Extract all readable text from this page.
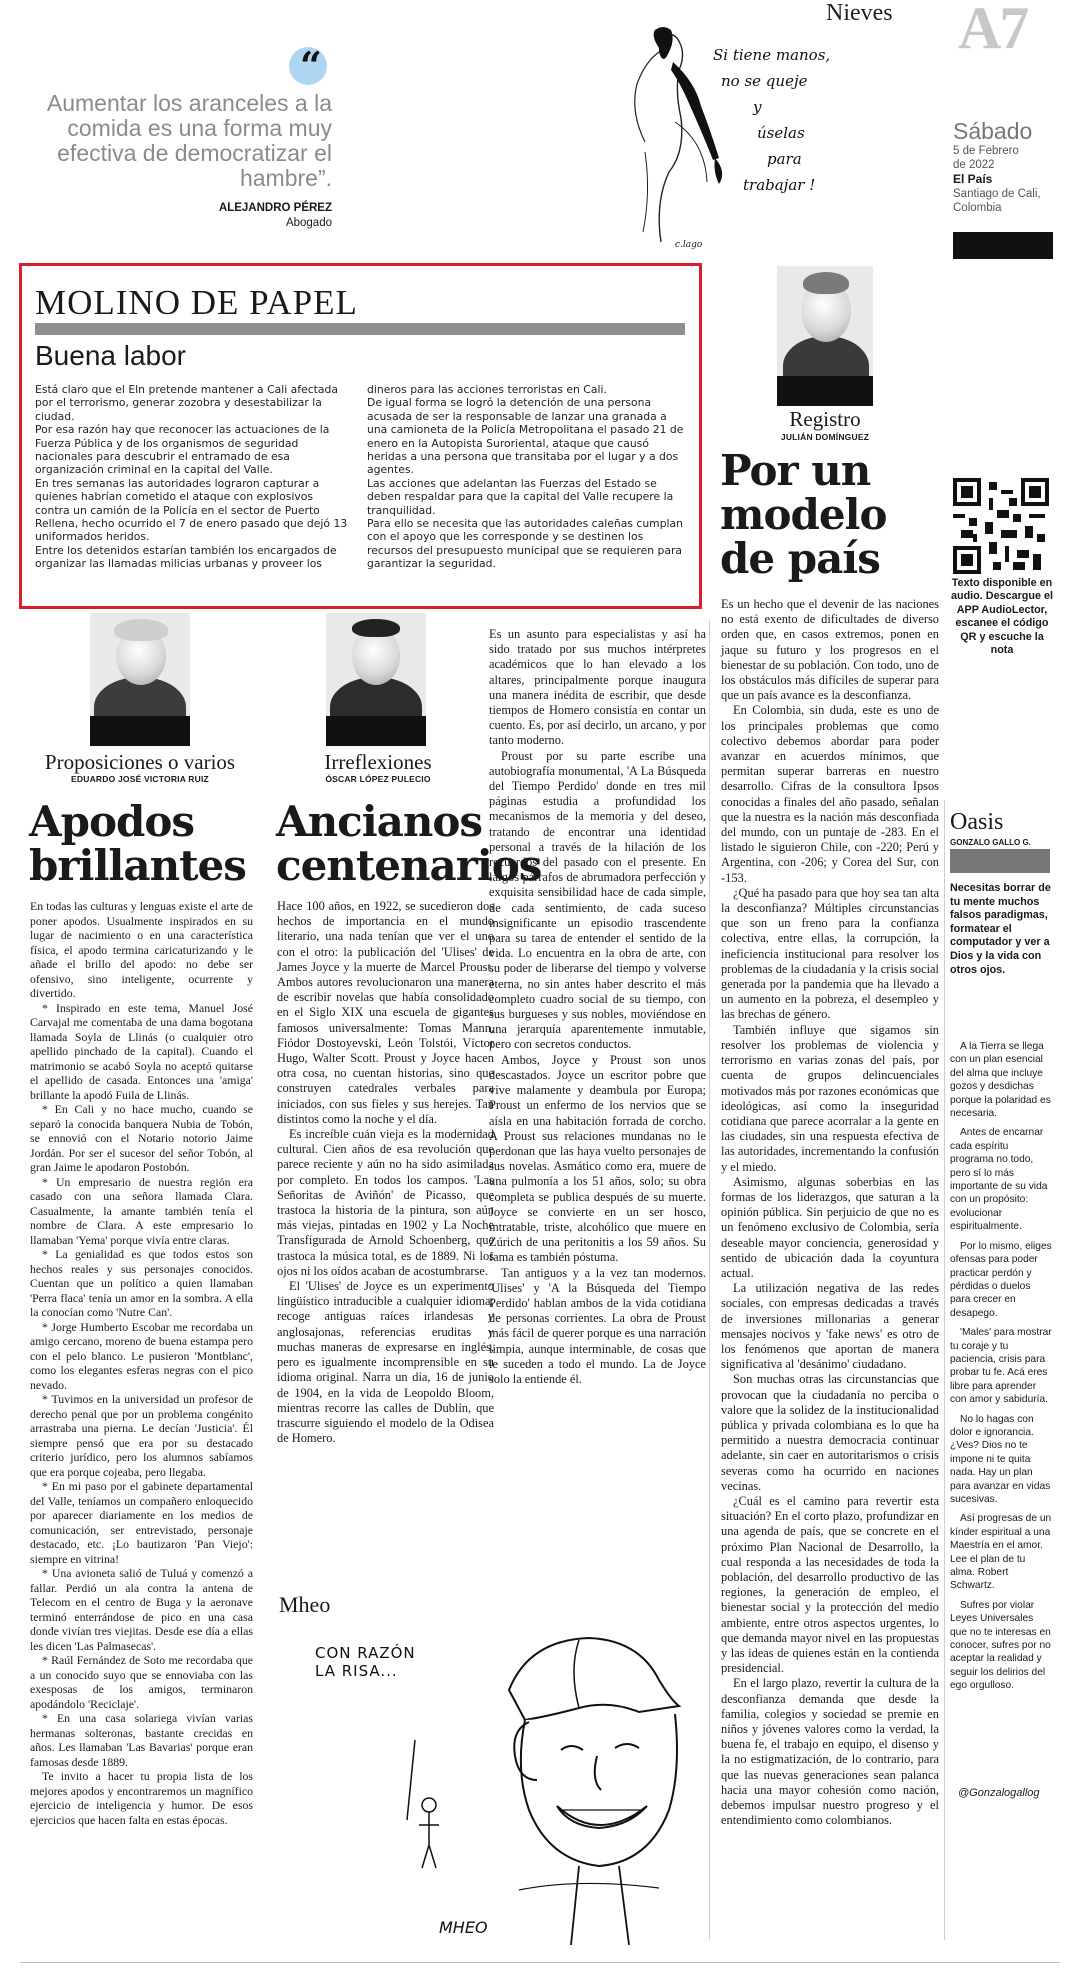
Nieves A7
“
Aumentar los aranceles a la comida es una forma muy efectiva de democratizar el hambre”.
ALEJANDRO PÉREZ
Abogado
Si tiene manos,
no se queje
y
úselas
para
trabajar !
c.lago
Sábado
5 de Febrero de 2022
El País
Santiago de Cali, Colombia
MOLINO DE PAPEL
Buena labor
Está claro que el Eln pretende mantener a Cali afectada por el terrorismo, generar zozobra y desestabilizar la ciudad.
Por esa razón hay que reconocer las actuaciones de la Fuerza Pública y de los organismos de seguridad nacionales para descubrir el entramado de esa organización criminal en la capital del Valle.
En tres semanas las autoridades lograron capturar a quienes habrían cometido el ataque con explosivos contra un camión de la Policía en el sector de Puerto Rellena, hecho ocurrido el 7 de enero pasado que dejó 13 uniformados heridos.
Entre los detenidos estarían también los encargados de organizar las llamadas milicias urbanas y proveer los
dineros para las acciones terroristas en Cali.
De igual forma se logró la detención de una persona acusada de ser la responsable de lanzar una granada a una camioneta de la Policía Metropolitana el pasado 21 de enero en la Autopista Suroriental, ataque que causó heridas a una persona que transitaba por el lugar y a dos agentes.
Las acciones que adelantan las Fuerzas del Estado se deben respaldar para que la capital del Valle recupere la tranquilidad.
Para ello se necesita que las autoridades caleñas cumplan con el apoyo que les corresponde y se destinen los recursos del presupuesto municipal que se requieren para garantizar la seguridad.
Registro
JULIÁN DOMÍNGUEZ
Por un modelo de país

Es un hecho que el devenir de las naciones no está exento de dificultades de diverso orden que, en casos extremos, ponen en jaque su futuro y los progresos en el bienestar de su población. Con todo, uno de los obstáculos más difíciles de superar para que un país avance es la desconfianza.

En Colombia, sin duda, este es uno de los principales problemas que como colectivo debemos abordar para poder avanzar en acuerdos mínimos, que permitan superar barreras en nuestro desarrollo. Cifras de la consultora Ipsos conocidas a finales del año pasado, señalan que la nuestra es la nación más desconfiada del mundo, con un puntaje de -283. En el listado le siguieron Chile, con -220; Perú y Argentina, con -206; y Corea del Sur, con -153.

¿Qué ha pasado para que hoy sea tan alta la desconfianza? Múltiples circunstancias que son un freno para la confianza colectiva, entre ellas, la corrupción, la ineficiencia institucional para resolver los problemas de la ciudadanía y la crisis social generada por la pandemia que ha llevado a un aumento en la pobreza, el desempleo y las brechas de género.

También influye que sigamos sin resolver los problemas de violencia y terrorismo en varias zonas del país, por cuenta de grupos delincuenciales motivados más por razones económicas que ideológicas, así como la inseguridad cotidiana que parece acorralar a la gente en las ciudades, sin una respuesta efectiva de las autoridades, incrementando la confusión y el miedo.

Asimismo, algunas soberbias en las formas de los liderazgos, que saturan a la opinión pública. Sin perjuicio de que no es un fenómeno exclusivo de Colombia, sería deseable mayor conciencia, generosidad y sentido de ubicación dada la coyuntura actual.

La utilización negativa de las redes sociales, con empresas dedicadas a través de inversiones millonarias a generar mensajes nocivos y 'fake news' es otro de los fenómenos que aportan de manera significativa al 'desánimo' ciudadano.

Son muchas otras las circunstancias que provocan que la ciudadanía no perciba o valore que la solidez de la institucionalidad pública y privada colombiana es lo que ha permitido a nuestra democracia continuar adelante, sin caer en autoritarismos o crisis severas como ha ocurrido en naciones vecinas.

¿Cuál es el camino para revertir esta situación? En el corto plazo, profundizar en una agenda de país, que se concrete en el próximo Plan Nacional de Desarrollo, la cual responda a las necesidades de toda la población, del desarrollo productivo de las regiones, la generación de empleo, el bienestar social y la protección del medio ambiente, entre otros aspectos urgentes, lo que demanda mayor nivel en las propuestas y las ideas de quienes están en la contienda presidencial.

En el largo plazo, revertir la cultura de la desconfianza demanda que desde la familia, colegios y sociedad se premie en niños y jóvenes valores como la verdad, la buena fe, el trabajo en equipo, el disenso y la no estigmatización, de lo contrario, para que las nuevas generaciones sean palanca hacia una mayor cohesión como nación, debemos impulsar nuestro progreso y el entendimiento como colombianos.

Texto disponible en audio. Descargue el APP AudioLector, escanee el código QR y escuche la nota
Oasis
GONZALO GALLO G.
Necesitas borrar de tu mente muchos falsos paradigmas, formatear el computador y ver a Dios y la vida con otros ojos.
A la Tierra se llega con un plan esencial del alma que incluye gozos y desdichas porque la polaridad es necesaria.
Antes de encarnar cada espíritu programa no todo, pero sí lo más importante de su vida con un propósito: evolucionar espiritualmente.
Por lo mismo, eliges ofensas para poder practicar perdón y pérdidas o duelos para crecer en desapego.
'Males' para mostrar tu coraje y tu paciencia, crisis para probar tu fe. Acá eres libre para aprender con amor y sabiduría.
No lo hagas con dolor e ignorancia. ¿Ves? Dios no te impone ni te quita nada. Hay un plan para avanzar en vidas sucesivas.
Así progresas de un kínder espiritual a una Maestría en el amor. Lee el plan de tu alma. Robert Schwartz.
Sufres por violar Leyes Universales que no te interesas en conocer, sufres por no aceptar la realidad y seguir los delirios del ego orgulloso.
@Gonzalogallog
Proposiciones o varios
EDUARDO JOSÉ VICTORIA RUIZ
Apodos brillantes

En todas las culturas y lenguas existe el arte de poner apodos. Usualmente inspirados en su lugar de nacimiento o en una característica física, el apodo termina caricaturizando y le añade el brillo del apodo: no debe ser ofensivo, sino inteligente, ocurrente y divertido.

* Inspirado en este tema, Manuel José Carvajal me comentaba de una dama bogotana llamada Soyla de Llinás (o cualquier otro apellido pinchado de la capital). Cuando el matrimonio se acabó Soyla no aceptó quitarse el apellido de casada. Entonces una 'amiga' brillante la apodó Fuila de Llinás.

* En Cali y no hace mucho, cuando se separó la conocida banquera Nubia de Tobón, se ennovió con el Notario notorio Jaime Jordán. Por ser el sucesor del señor Tobón, al gran Jaime le apodaron Postobón.

* Un empresario de nuestra región era casado con una señora llamada Clara. Casualmente, la amante también tenía el nombre de Clara. A este empresario lo llamaban 'Yema' porque vivía entre claras.

* La genialidad es que todos estos son hechos reales y sus personajes conocidos. Cuentan que un político a quien llamaban 'Perra flaca' tenía un amor en la sombra. A ella la conocían como 'Nutre Can'.

* Jorge Humberto Escobar me recordaba un amigo cercano, moreno de buena estampa pero con el pelo blanco. Le pusieron 'Montblanc', como los elegantes esferas negras con el pico nevado.

* Tuvimos en la universidad un profesor de derecho penal que por un problema congénito arrastraba una pierna. Le decían 'Justicia'. Él siempre pensó que era por su destacado criterio jurídico, pero los alumnos sabíamos que era porque cojeaba, pero llegaba.

* En mi paso por el gabinete departamental del Valle, teníamos un compañero enloquecido por aparecer diariamente en los medios de comunicación, ser entrevistado, personaje destacado, etc. ¡Lo bautizaron 'Pan Viejo': siempre en vitrina!

* Una avioneta salió de Tuluá y comenzó a fallar. Perdió un ala contra la antena de Telecom en el centro de Buga y la aeronave terminó enterrándose de pico en una casa donde vivían tres viejitas. Desde ese día a ellas les dicen 'Las Palmasecas'.

* Raúl Fernández de Soto me recordaba que a un conocido suyo que se ennoviaba con las exesposas de los amigos, terminaron apodándolo 'Reciclaje'.

* En una casa solariega vivían varias hermanas solteronas, bastante crecidas en años. Les llamaban 'Las Bavarias' porque eran famosas desde 1889.

Te invito a hacer tu propia lista de los mejores apodos y encontraremos un magnífico ejercicio de inteligencia y humor. De esos ejercicios que hacen falta en estas épocas.

Irreflexiones
ÓSCAR LÓPEZ PULECIO
Ancianos centenarios

Hace 100 años, en 1922, se sucedieron dos hechos de importancia en el mundo literario, una nada tenían que ver el uno con el otro: la publicación del 'Ulises' de James Joyce y la muerte de Marcel Proust. Ambos autores revolucionaron una manera de escribir novelas que había consolidado en el Siglo XIX una escuela de gigantes famosos universalmente: Tomas Mann, Fiódor Dostoyevski, León Tolstói, Víctor Hugo, Walter Scott. Proust y Joyce hacen otra cosa, no cuentan historias, sino que construyen catedrales verbales para iniciados, con sus fieles y sus herejes. Tan distintos como la noche y el día.

Es increíble cuán vieja es la modernidad cultural. Cien años de esa revolución que parece reciente y aún no ha sido asimilada por completo. En todos los campos. 'Las Señoritas de Aviñón' de Picasso, que trastoca la historia de la pintura, son aún más viejas, pintadas en 1902 y La Noche Transfigurada de Arnold Schoenberg, que trastoca la música total, es de 1889. Ni los ojos ni los oídos acaban de acostumbrarse.

El 'Ulises' de Joyce es un experimento lingüístico intraducible a cualquier idioma; recoge antiguas raíces irlandesas y anglosajonas, referencias eruditas y muchas maneras de expresarse en inglés, pero es igualmente incomprensible en su idioma original. Narra un día, 16 de junio de 1904, en la vida de Leopoldo Bloom, mientras recorre las calles de Dublín, que trascurre siguiendo el modelo de la Odisea de Homero.

Es un asunto para especialistas y así ha sido tratado por sus muchos intérpretes académicos que lo han elevado a los altares, principalmente porque inaugura una manera inédita de escribir, que desde tiempos de Homero consistía en contar un cuento. Es, por así decirlo, un arcano, y por tanto moderno.

Proust por su parte escribe una autobiografía monumental, 'A La Búsqueda del Tiempo Perdido' donde en tres mil páginas estudia a profundidad los mecanismos de la memoria y del deseo, tratando de encontrar una identidad personal a través de la hilación de los recuerdos del pasado con el presente. En largos párrafos de abrumadora perfección y exquisita sensibilidad hace de cada simple, de cada sentimiento, de cada suceso insignificante un episodio trascendente para su tarea de entender el sentido de la vida. Lo encuentra en la obra de arte, con su poder de liberarse del tiempo y volverse eterna, no sin antes haber descrito el más completo cuadro social de su tiempo, con sus burgueses y sus nobles, moviéndose en una jerarquía aparentemente inmutable, pero con secretos conductos.

Ambos, Joyce y Proust son unos descastados. Joyce un escritor pobre que vive malamente y deambula por Europa; Proust un enfermo de los nervios que se aísla en una habitación forrada de corcho. A Proust sus relaciones mundanas no le perdonan que las haya vuelto personajes de sus novelas. Asmático como era, muere de una pulmonía a los 51 años, solo; su obra completa se publica después de su muerte. Joyce se convierte en un ser hosco, intratable, triste, alcohólico que muere en Zúrich de una peritonitis a los 59 años. Su fama es también póstuma.

Tan antiguos y a la vez tan modernos. 'Ulises' y 'A la Búsqueda del Tiempo Perdido' hablan ambos de la vida cotidiana de personas corrientes. La obra de Proust más fácil de querer porque es una narración limpia, aunque interminable, de cosas que le suceden a todo el mundo. La de Joyce solo la entiende él.

Mheo
CON RAZÓN LA RISA...
MHEO
